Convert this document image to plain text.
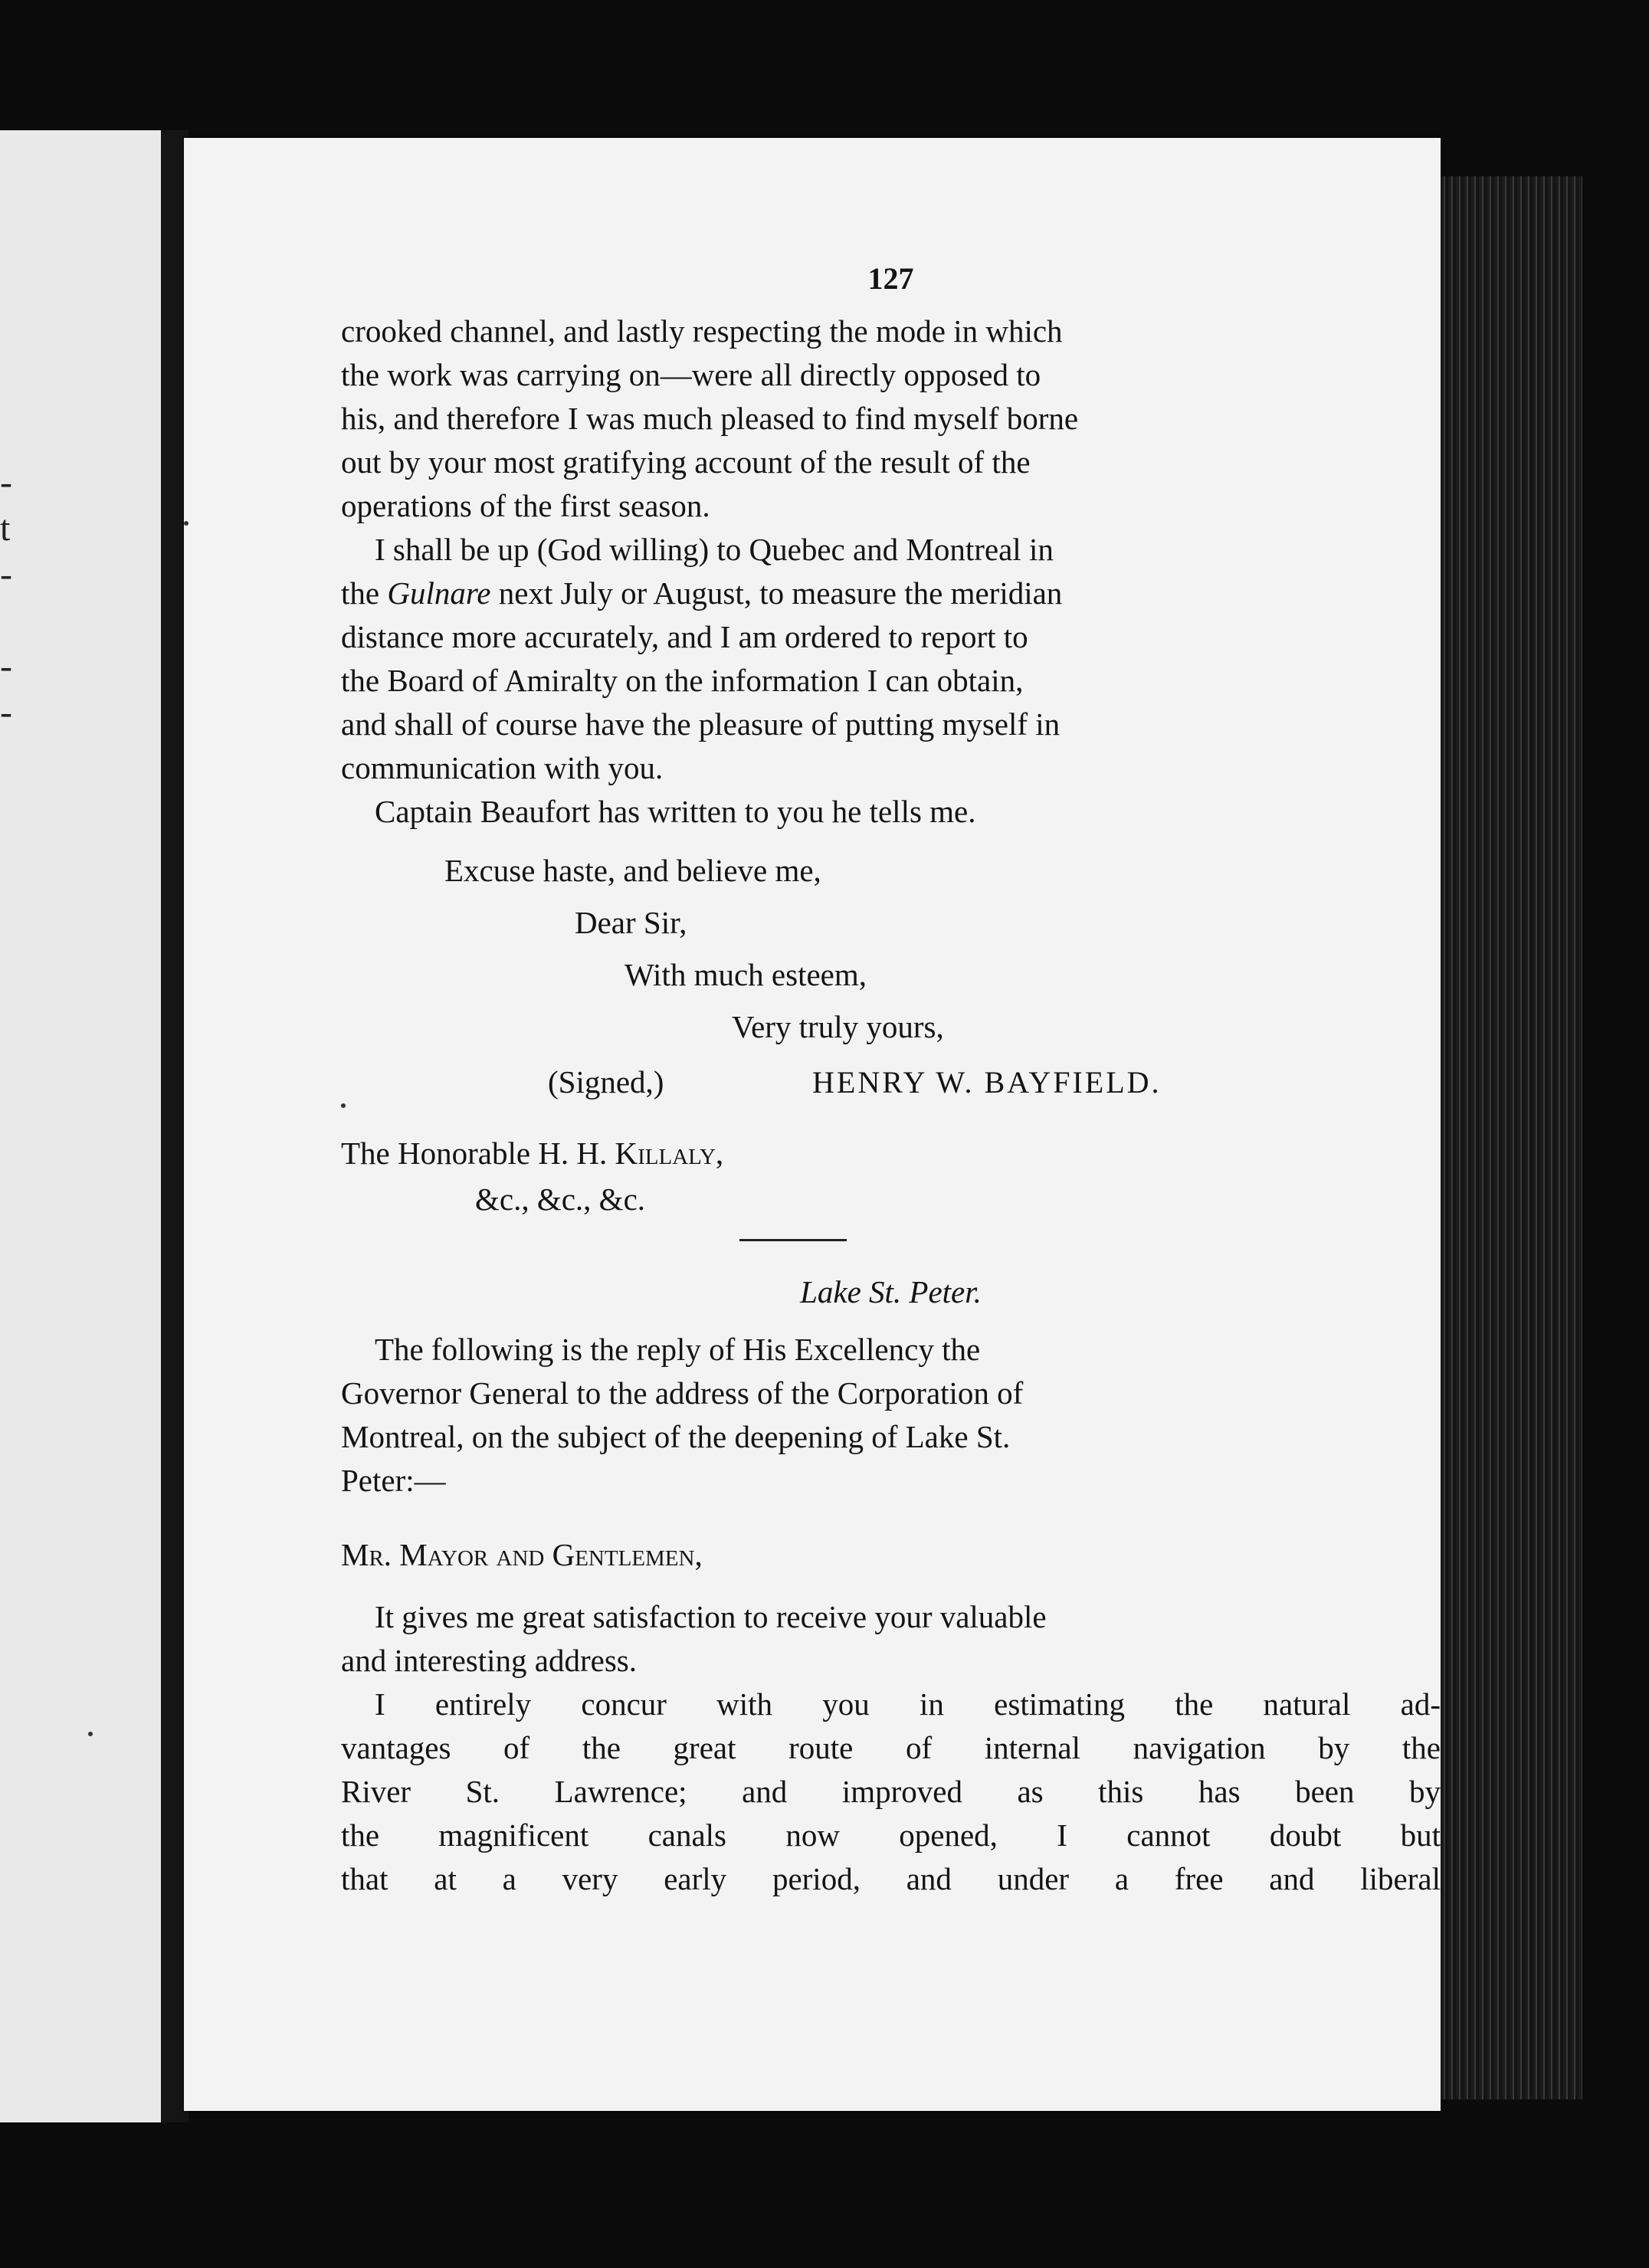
-
t
-

-
-
127

crooked channel, and lastly respecting the mode in which
the work was carrying on—were all directly opposed to
his, and therefore I was much pleased to find myself borne
out by your most gratifying account of the result of the
operations of the first season.

I shall be up (God willing) to Quebec and Montreal in
the Gulnare next July or August, to measure the meridian
distance more accurately, and I am ordered to report to
the Board of Amiralty on the information I can obtain,
and shall of course have the pleasure of putting myself in
communication with you.

Captain Beaufort has written to you he tells me.

Excuse haste, and believe me,

Dear Sir,

With much esteem,

Very truly yours,

(Signed,)	HENRY W. BAYFIELD.

The Honorable H. H. Killaly,
&c., &c., &c.
Lake St. Peter.

The following is the reply of His Excellency the
Governor General to the address of the Corporation of
Montreal, on the subject of the deepening of Lake St.
Peter:—

Mr. Mayor and Gentlemen,

It gives me great satisfaction to receive your valuable
and interesting address.

I entirely concur with you in estimating the natural ad-
vantages of the great route of internal navigation by the
River St. Lawrence; and improved as this has been by
the magnificent canals now opened, I cannot doubt but
that at a very early period, and under a free and liberal
